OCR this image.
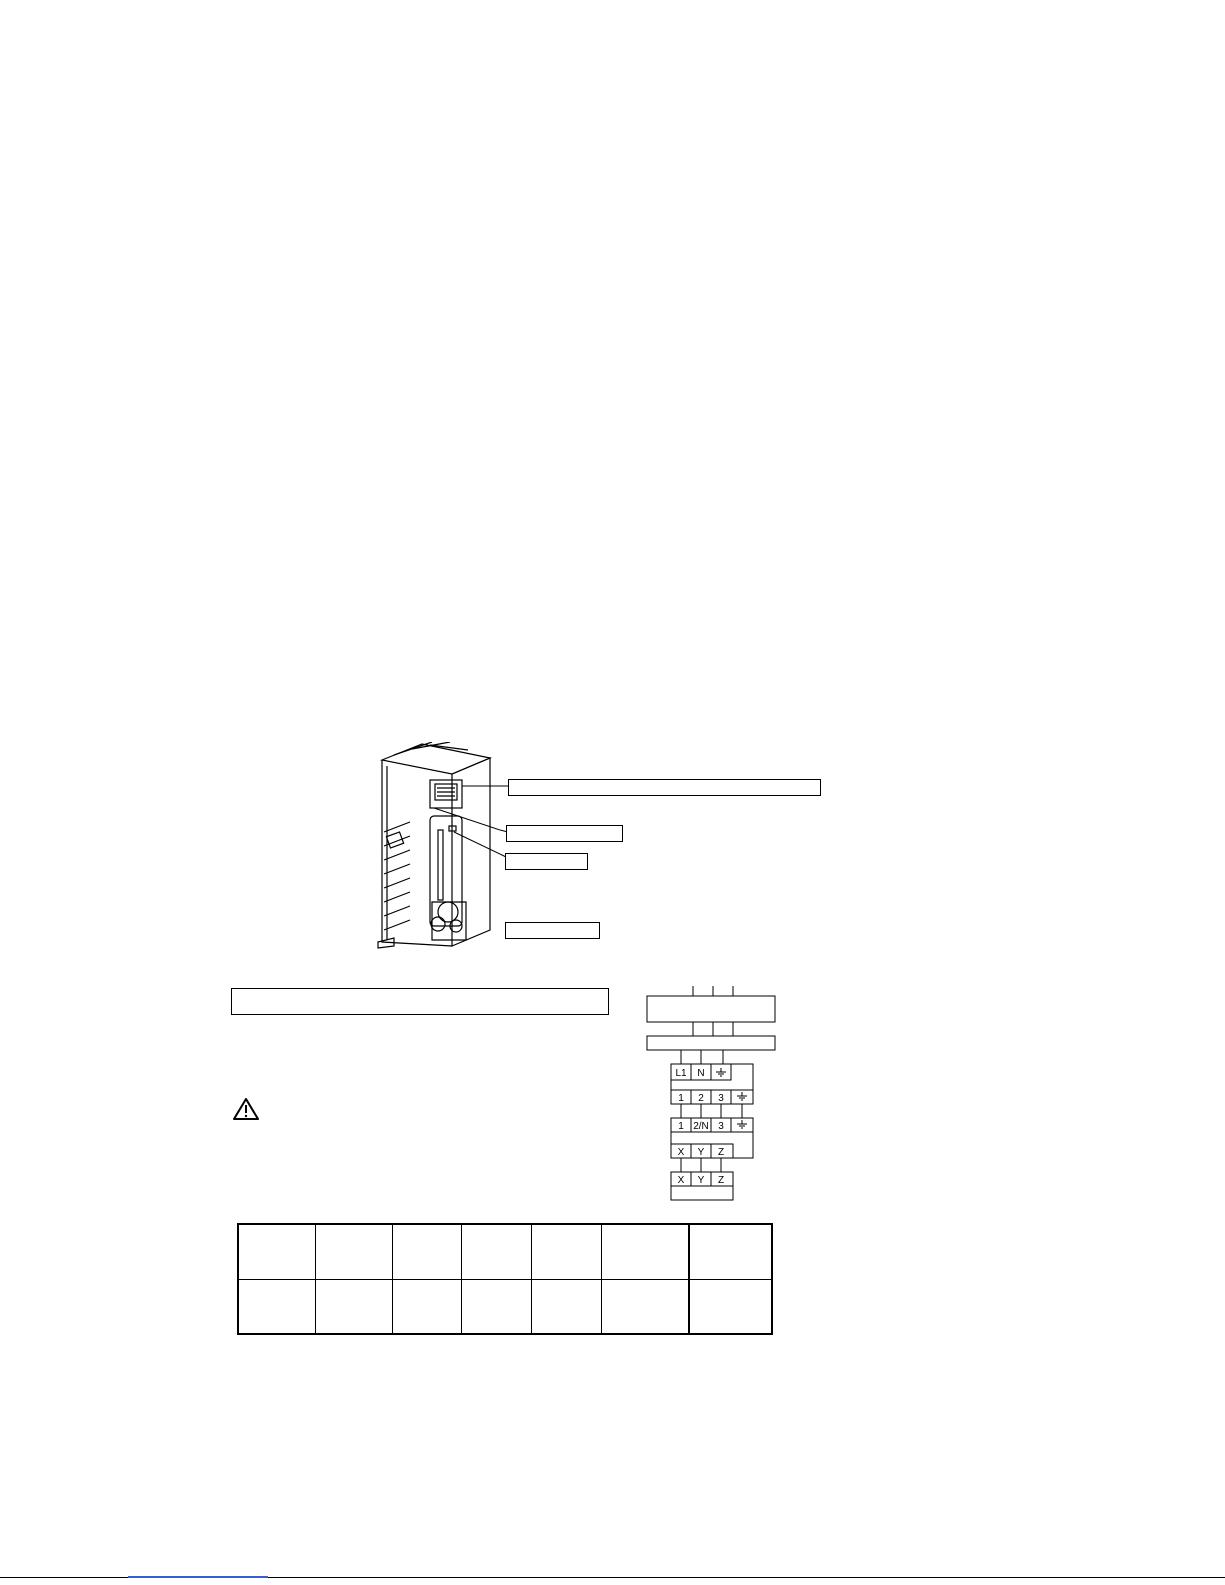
L1 N
1 2 3
1 2/N 3
X Y Z
X Y Z
